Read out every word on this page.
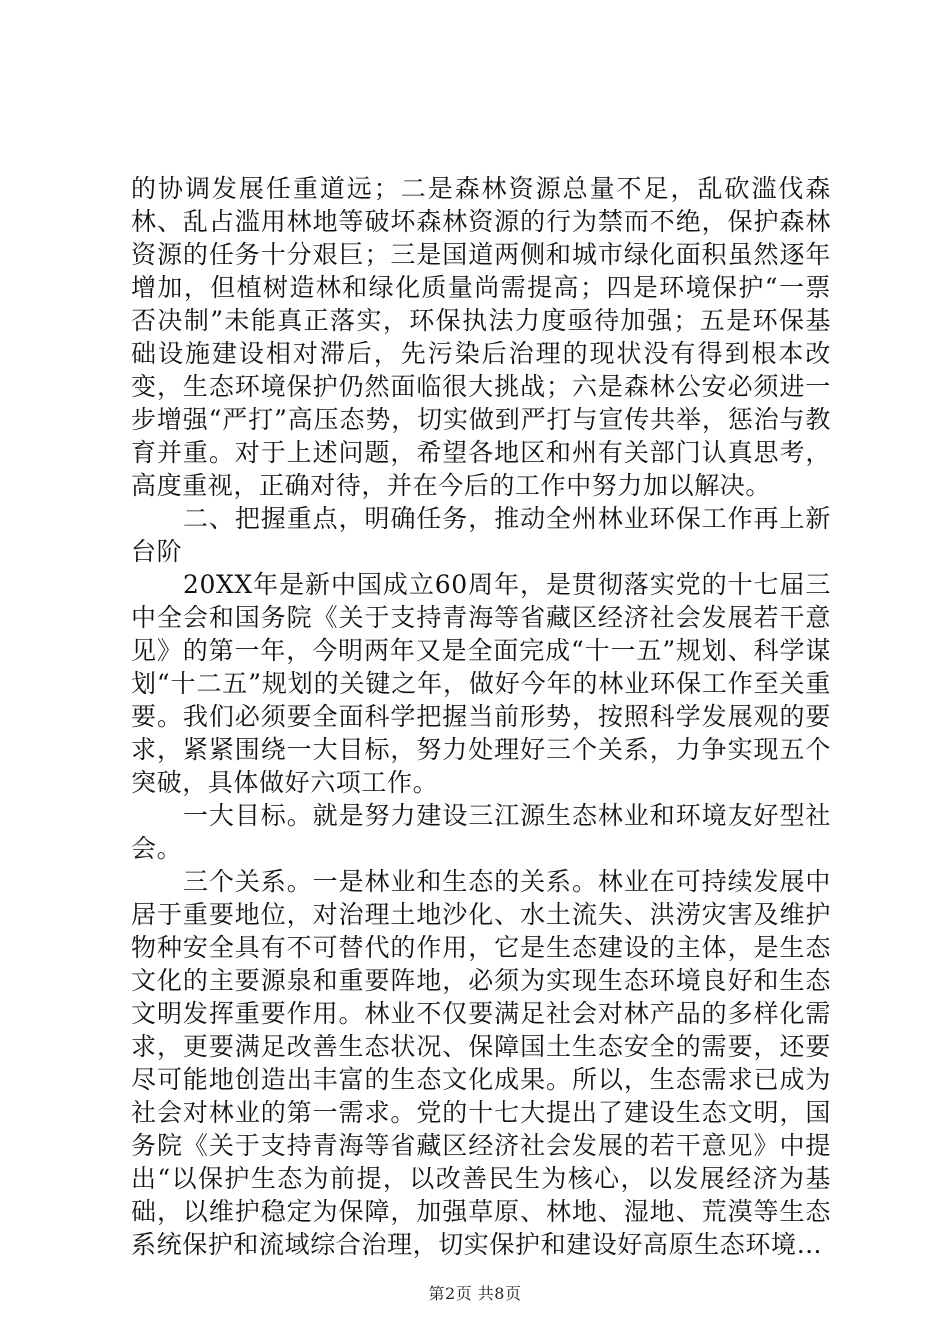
的协调发展任重道远；二是森林资源总量不足，乱砍滥伐森林、乱占滥用林地等破坏森林资源的行为禁而不绝，保护森林资源的任务十分艰巨；三是国道两侧和城市绿化面积虽然逐年增加，但植树造林和绿化质量尚需提高；四是环境保护“一票否决制”未能真正落实，环保执法力度亟待加强；五是环保基础设施建设相对滞后，先污染后治理的现状没有得到根本改变，生态环境保护仍然面临很大挑战；六是森林公安必须进一步增强“严打”高压态势，切实做到严打与宣传共举，惩治与教育并重。对于上述问题，希望各地区和州有关部门认真思考，高度重视，正确对待，并在今后的工作中努力加以解决。

二、把握重点，明确任务，推动全州林业环保工作再上新台阶

20XX年是新中国成立60周年，是贯彻落实党的十七届三中全会和国务院《关于支持青海等省藏区经济社会发展若干意见》的第一年，今明两年又是全面完成“十一五”规划、科学谋划“十二五”规划的关键之年，做好今年的林业环保工作至关重要。我们必须要全面科学把握当前形势，按照科学发展观的要求，紧紧围绕一大目标，努力处理好三个关系，力争实现五个突破，具体做好六项工作。

一大目标。就是努力建设三江源生态林业和环境友好型社会。

三个关系。一是林业和生态的关系。林业在可持续发展中居于重要地位，对治理土地沙化、水土流失、洪涝灾害及维护物种安全具有不可替代的作用，它是生态建设的主体，是生态文化的主要源泉和重要阵地，必须为实现生态环境良好和生态文明发挥重要作用。林业不仅要满足社会对林产品的多样化需求，更要满足改善生态状况、保障国土生态安全的需要，还要尽可能地创造出丰富的生态文化成果。所以，生态需求已成为社会对林业的第一需求。党的十七大提出了建设生态文明，国务院《关于支持青海等省藏区经济社会发展的若干意见》中提出“以保护生态为前提，以改善民生为核心，以发展经济为基础，以维护稳定为保障，加强草原、林地、湿地、荒漠等生态系统保护和流域综合治理，切实保护和建设好高原生态环境…

第2页 共8页
